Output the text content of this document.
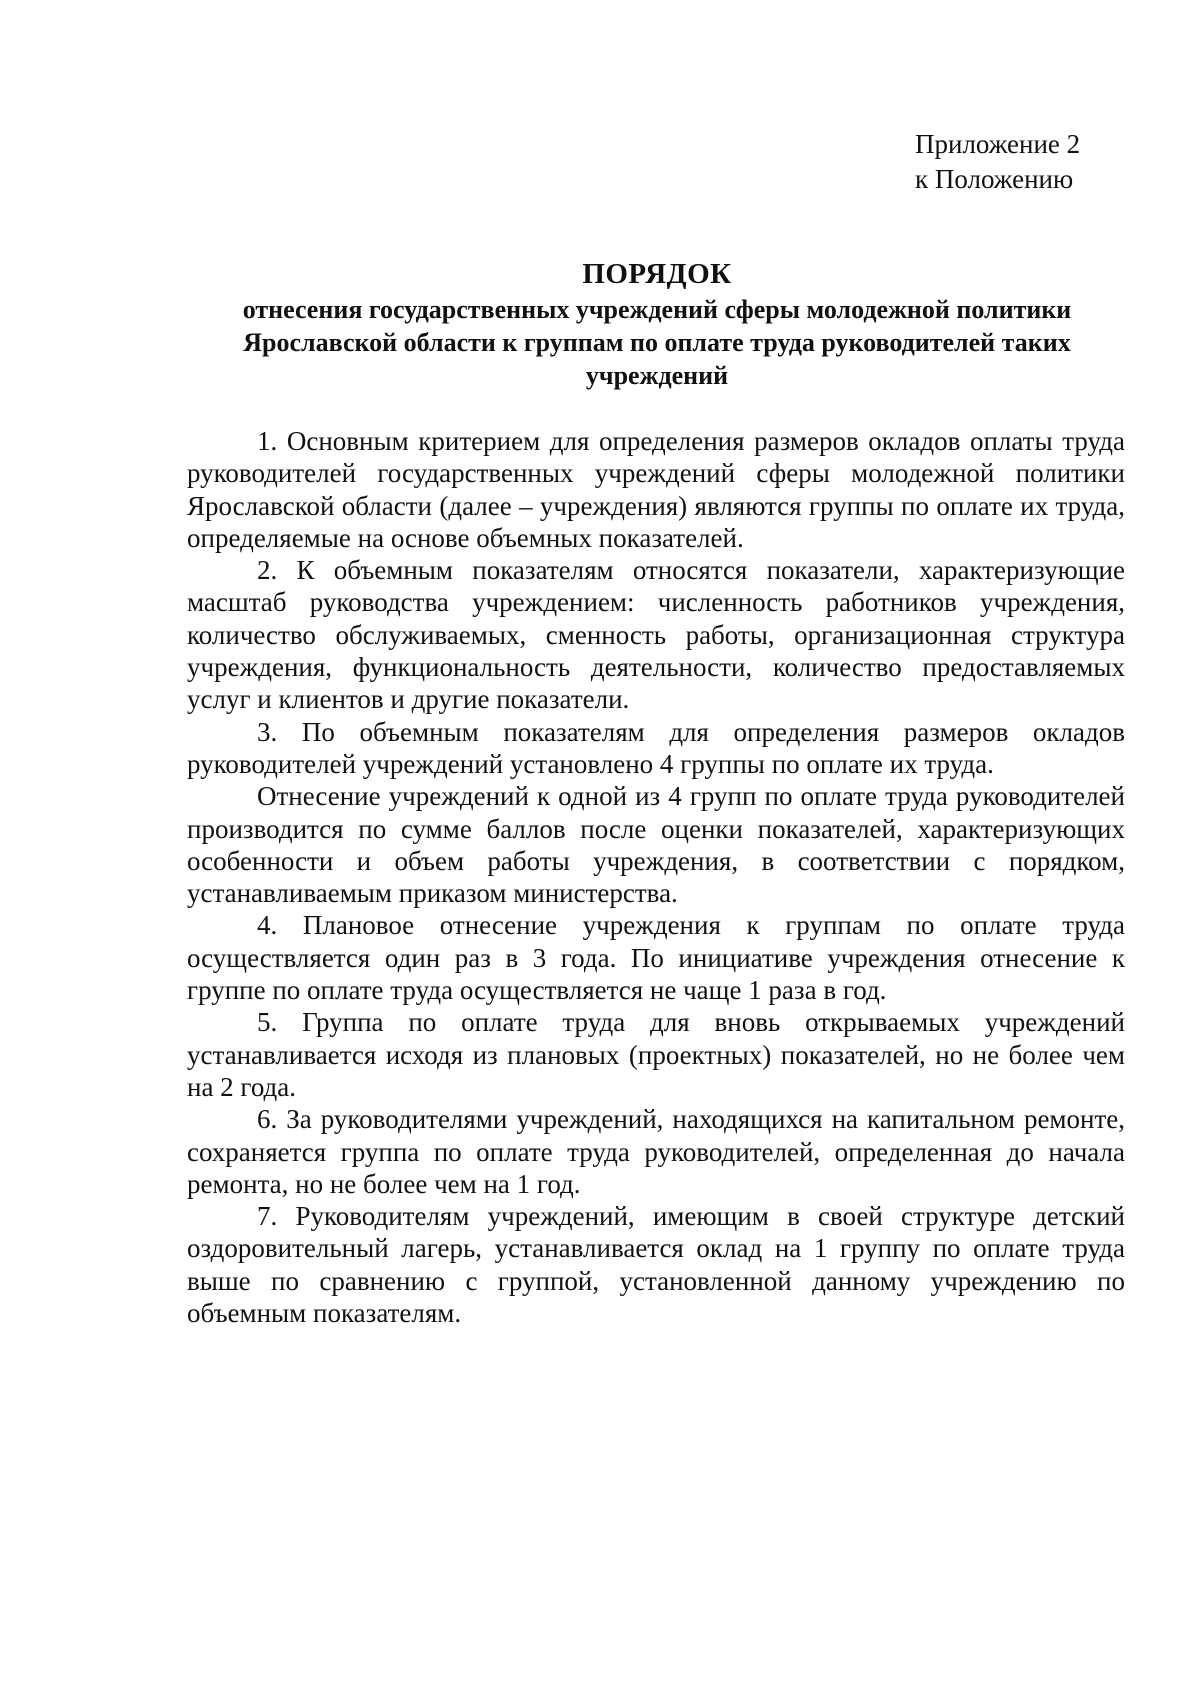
Приложение 2
к Положению
ПОРЯДОК
отнесения государственных учреждений сферы молодежной политики Ярославской области к группам по оплате труда руководителей таких учреждений

1. Основным критерием для определения размеров окладов оплаты труда руководителей государственных учреждений сферы молодежной политики Ярославской области (далее – учреждения) являются группы по оплате их труда, определяемые на основе объемных показателей.

2. К объемным показателям относятся показатели, характеризующие масштаб руководства учреждением: численность работников учреждения, количество обслуживаемых, сменность работы, организационная структура учреждения, функциональность деятельности, количество предоставляемых услуг и клиентов и другие показатели.

3. По объемным показателям для определения размеров окладов руководителей учреждений установлено 4 группы по оплате их труда.

Отнесение учреждений к одной из 4 групп по оплате труда руководителей производится по сумме баллов после оценки показателей, характеризующих особенности и объем работы учреждения, в соответствии с порядком, устанавливаемым приказом министерства.

4. Плановое отнесение учреждения к группам по оплате труда осуществляется один раз в 3 года. По инициативе учреждения отнесение к группе по оплате труда осуществляется не чаще 1 раза в год.

5. Группа по оплате труда для вновь открываемых учреждений устанавливается исходя из плановых (проектных) показателей, но не более чем на 2 года.

6. За руководителями учреждений, находящихся на капитальном ремонте, сохраняется группа по оплате труда руководителей, определенная до начала ремонта, но не более чем на 1 год.

7. Руководителям учреждений, имеющим в своей структуре детский оздоровительный лагерь, устанавливается оклад на 1 группу по оплате труда выше по сравнению с группой, установленной данному учреждению по объемным показателям.
